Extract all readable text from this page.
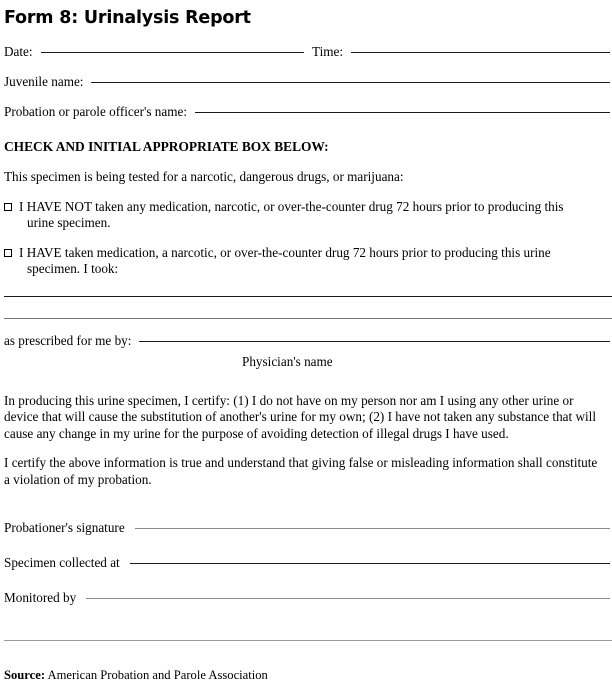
Form 8: Urinalysis Report
Date:	Time:
Juvenile name:
Probation or parole officer's name:
CHECK AND INITIAL APPROPRIATE BOX BELOW:
This specimen is being tested for a narcotic, dangerous drugs, or marijuana:
I HAVE NOT taken any medication, narcotic, or over-the-counter drug 72 hours prior to producing this
urine specimen.
I HAVE taken medication, a narcotic, or over-the-counter drug 72 hours prior to producing this urine
specimen. I took:
as prescribed for me by:
Physician's name
In producing this urine specimen, I certify: (1) I do not have on my person nor am I using any other urine or device that will cause the substitution of another's urine for my own; (2) I have not taken any substance that will cause any change in my urine for the purpose of avoiding detection of illegal drugs I have used.
I certify the above information is true and understand that giving false or misleading information shall constitute a violation of my probation.
Probationer's signature
Specimen collected at
Monitored by
Source: American Probation and Parole Association
